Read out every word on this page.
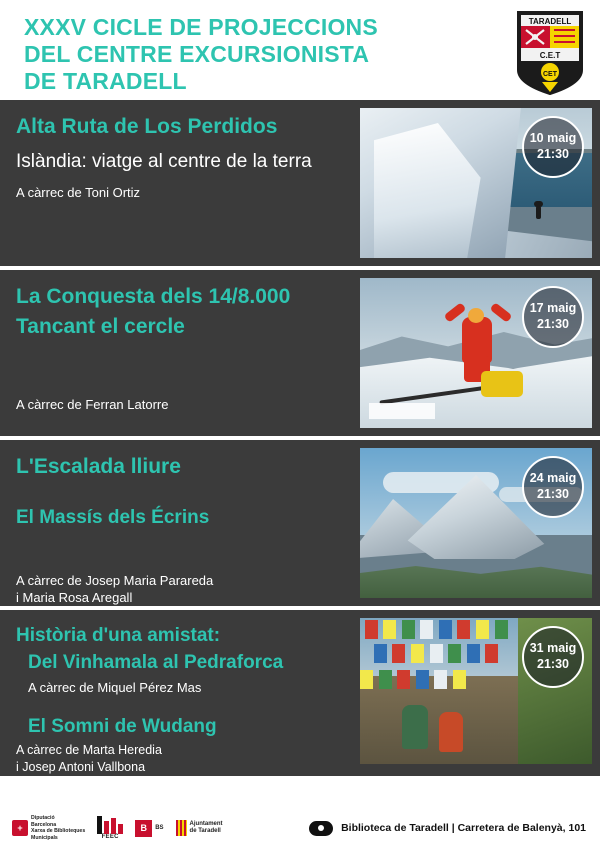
XXXV CICLE DE PROJECCIONS
DEL CENTRE EXCURSIONISTA
DE TARADELL
TARADELL
C.E.T
CET
Alta Ruta de Los Perdidos
Islàndia: viatge al centre de la terra
A càrrec de Toni Ortiz
10 maig
21:30
La Conquesta dels 14/8.000
Tancant el cercle
A càrrec de Ferran Latorre
17 maig
21:30
L'Escalada lliure
El Massís dels Écrins
A càrrec de Josep Maria Parareda
i Maria Rosa Aregall
24 maig
21:30
Història d'una amistat:
Del Vinhamala al Pedraforca
A càrrec de Miquel Pérez Mas
El Somni de Wudang
A càrrec de Marta Heredia
i Josep Antoni Vallbona
31 maig
21:30
+
Diputació
Barcelona
Xarxa de Biblioteques
Municipals	FEEC
B	BS
Ajuntament
de Taradell	Biblioteca de Taradell | Carretera de Balenyà, 101
